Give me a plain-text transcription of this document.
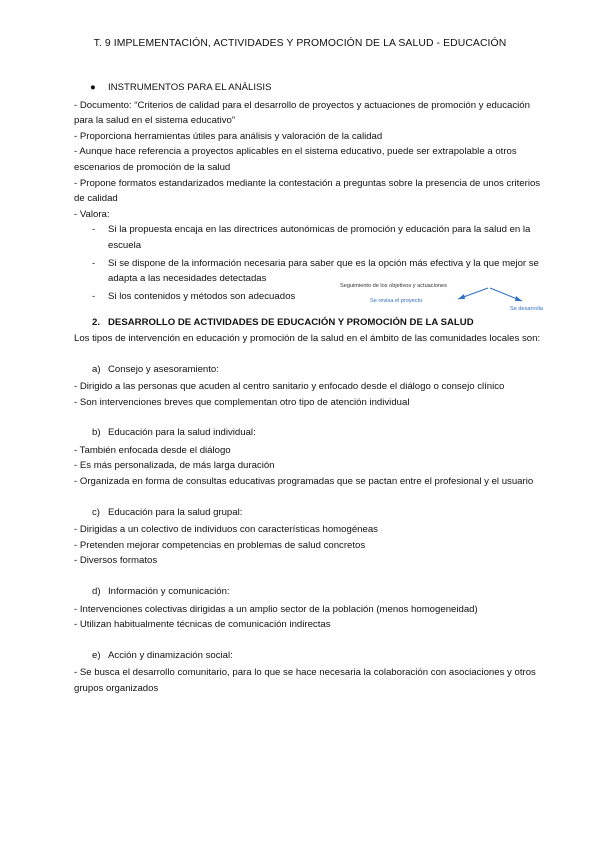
T. 9 IMPLEMENTACIÓN, ACTIVIDADES Y PROMOCIÓN DE LA SALUD - EDUCACIÓN
● INSTRUMENTOS PARA EL ANÁLISIS
- Documento: “Criterios de calidad para el desarrollo de proyectos y actuaciones de promoción y educación para la salud en el sistema educativo”
- Proporciona herramientas útiles para análisis y valoración de la calidad
- Aunque hace referencia a proyectos aplicables en el sistema educativo, puede ser extrapolable a otros escenarios de promoción de la salud
- Propone formatos estandarizados mediante la contestación a preguntas sobre la presencia de unos criterios de calidad
- Valora:
- Si la propuesta encaja en las directrices autonómicas de promoción y educación para la salud en la escuela
- Si se dispone de la información necesaria para saber que es la opción más efectiva y la que mejor se adapta a las necesidades detectadas
- Si los contenidos y métodos son adecuados
2. DESARROLLO DE ACTIVIDADES DE EDUCACIÓN Y PROMOCIÓN DE LA SALUD
Los tipos de intervención en educación y promoción de la salud en el ámbito de las comunidades locales son:
a) Consejo y asesoramiento:
- Dirigido a las personas que acuden al centro sanitario y enfocado desde el diálogo o consejo clínico
- Son intervenciones breves que complementan otro tipo de atención individual
b) Educación para la salud individual:
- También enfocada desde el diálogo
- Es más personalizada, de más larga duración
- Organizada en forma de consultas educativas programadas que se pactan entre el profesional y el usuario
c) Educación para la salud grupal:
- Dirigidas a un colectivo de individuos con características homogéneas
- Pretenden mejorar competencias en problemas de salud concretos
- Diversos formatos
d) Información y comunicación:
- Intervenciones colectivas dirigidas a un amplio sector de la población (menos homogeneidad)
- Utilizan habitualmente técnicas de comunicación indirectas
e) Acción y dinamización social:
- Se busca el desarrollo comunitario, para lo que se hace necesaria la colaboración con asociaciones y otros grupos organizados
Seguimiento de los objetivos y actuaciones
Se revisa el proyecto
Se desarrolla
